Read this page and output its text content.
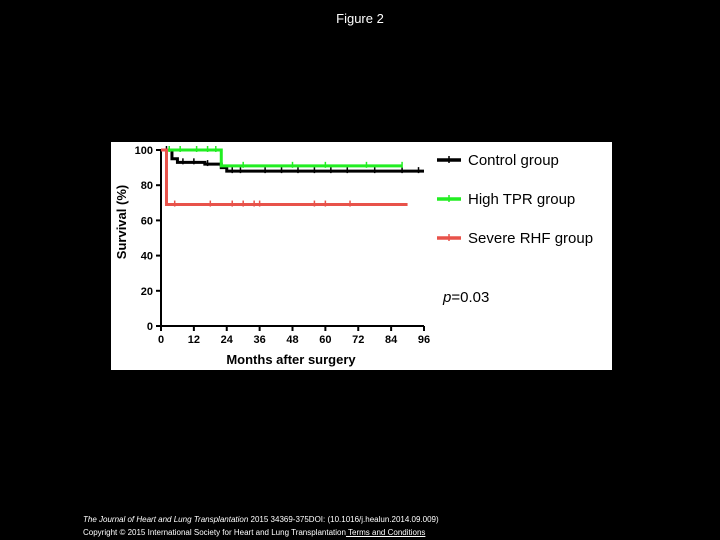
Figure 2
0
20
40
60
80
100
0 12 24 36 48 60 72 84 96
Control group
High TPR group
Severe RHF group
Survival (%)
Months after surgery
p=0.03
The Journal of Heart and Lung Transplantation 2015 34369-375DOI: (10.1016/j.healun.2014.09.009)
Copyright © 2015 International Society for Heart and Lung Transplantation Terms and Conditions
